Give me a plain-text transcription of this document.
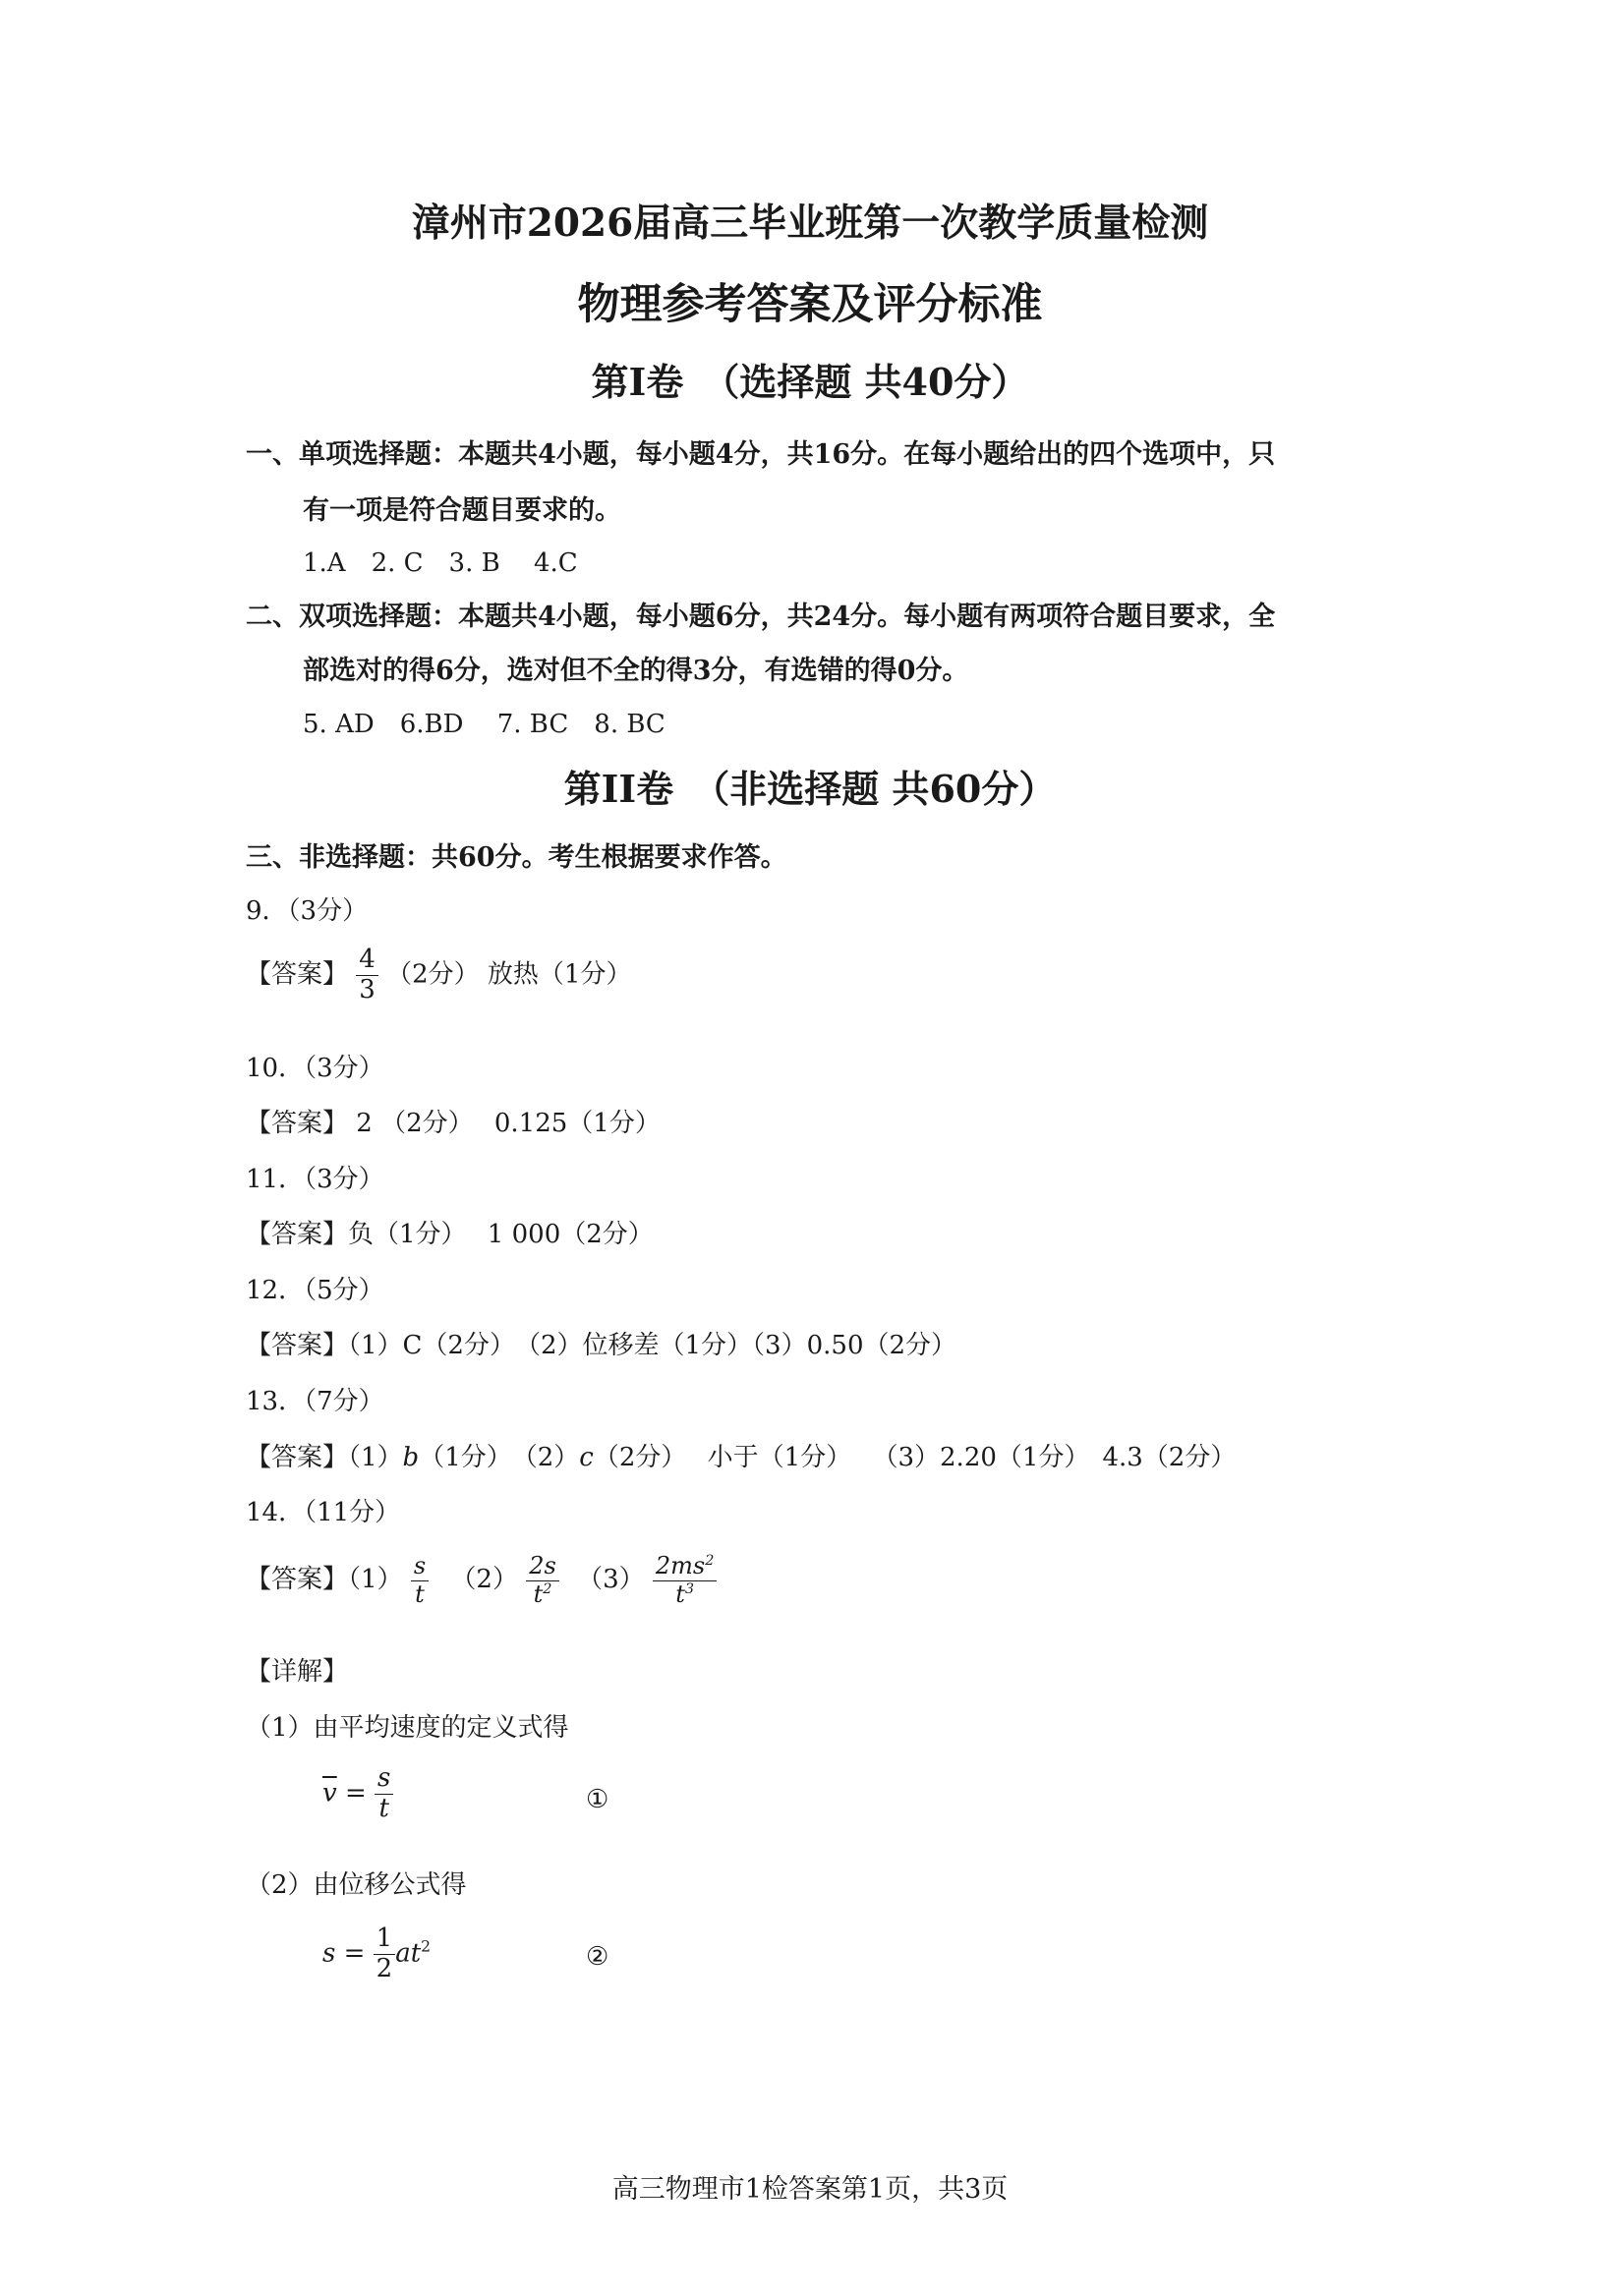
漳州市2026届高三毕业班第一次教学质量检测
物理参考答案及评分标准
第I卷　（选择题 共40分）
一、单项选择题：本题共4小题，每小题4分，共16分。在每小题给出的四个选项中，只
有一项是符合题目要求的。
1.A　2. C　3. B　 4.C
二、双项选择题：本题共4小题，每小题6分，共24分。每小题有两项符合题目要求，全
部选对的得6分，选对但不全的得3分，有选错的得0分。
5. AD　6.BD　 7. BC　8. BC
第II卷　（非选择题 共60分）
三、非选择题：共60分。考生根据要求作答。
9．（3分）
【答案】 $\frac{4}{3} (2$分） 放热（1分）
10．（3分）
【答案】 2 （2分）　 0.125（1分）
11．（3分）
【答案】负（1分）　 1 000（2分）
12．（5分）
【答案】（1）C（2分）　（2）位移差（1分）（3）0.50（2分）
13．（7分）
【答案】（1）b（1分）　（2）c（2分）　 小于（1分）　 （3）2.20（1分）　4.3（2分）
14．（11分）
【答案】$(1) \frac{s}{t} (2) \frac{2s}{t^2} (3) \frac{2ms^2}{t^3}$
【详解】
（1）由平均速度的定义式得
$\overline{v} = \frac{s}{t}$	①
（2）由位移公式得
$s = \frac{1}{2} at^2$	②
高三物理市1检答案第1页，共3页
